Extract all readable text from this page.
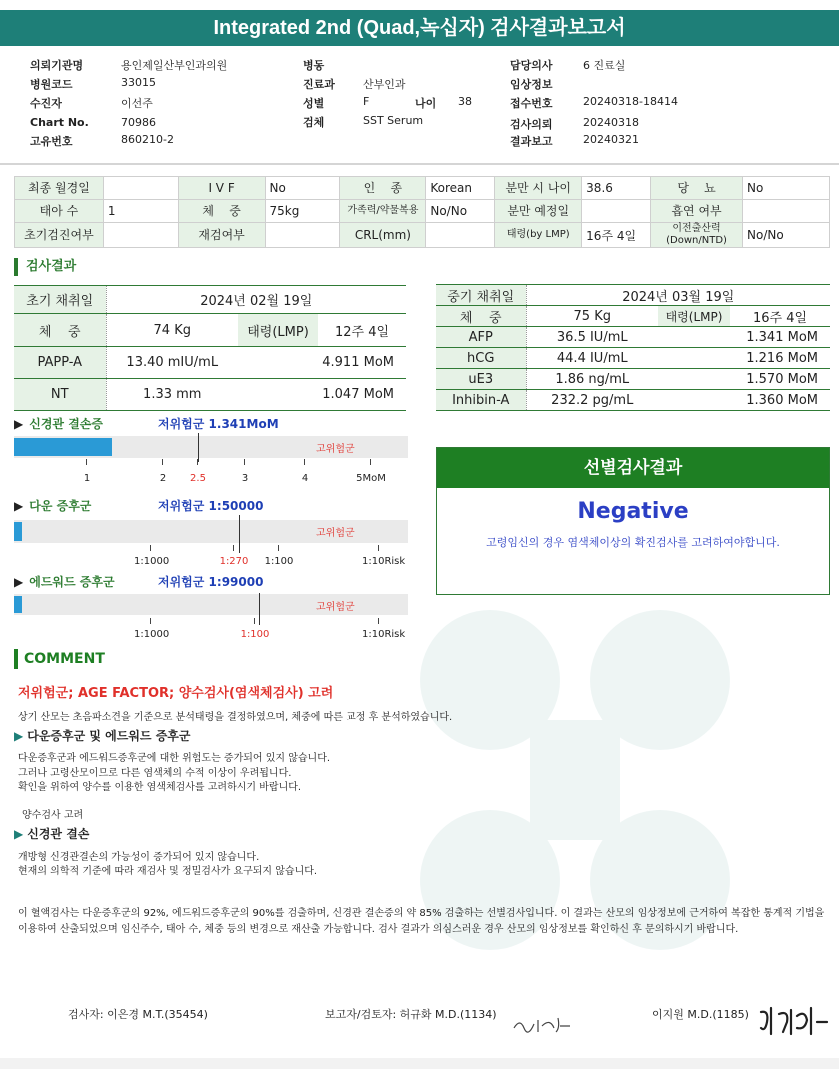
Integrated 2nd (Quad,녹십자) 검사결과보고서
의뢰기관명	용인제일산부인과의원
병원코드	33015
수진자	이선주
Chart No.	70986
고유번호	860210-2
병동
진료과	산부인과
성별	F	나이 38
검체	SST Serum
담당의사	6 진료실
임상정보
접수번호	20240318-18414
검사의뢰	20240318
결과보고	20240321
최종 월경일		I V F	No	인    종	Korean	분만 시 나이	38.6	당    뇨	No
태아 수	1	체    중	75kg	가족력/약물복용	No/No	분만 예정일		흡연 여부	
초기검진여부		재검여부		CRL(mm)		태령(by LMP)	16주 4일	이전출산력 (Down/NTD)	No/No
검사결과
초기 채취일	2024년 02월 19일		
체    중	74 Kg	태령(LMP)	12주 4일
PAPP-A	13.40 mIU/mL	4.911 MoM	
NT	1.33 mm	1.047 MoM	
중기 채취일	2024년 03월 19일		
체    중	75 Kg	태령(LMP)	16주 4일
AFP	36.5 IU/mL	1.341 MoM	
hCG	44.4 IU/mL	1.216 MoM	
uE3	1.86 ng/mL	1.570 MoM	
Inhibin-A	232.2 pg/mL	1.360 MoM	
▶ 신경관 결손증	저위험군 1.341MoM
고위험군
1	2	2.5	3	4	5MoM
▶ 다운 증후군	저위험군 1:50000
고위험군
1:1000	1:270 1:100	1:10Risk
▶ 에드워드 증후군	저위험군 1:99000
고위험군
1:1000	1:100	1:10Risk
선별검사결과
Negative
고령임신의 경우 염색체이상의 확진검사를 고려하여야합니다.
COMMENT
저위험군; AGE FACTOR; 양수검사(염색체검사) 고려
상기 산모는 초음파소견을 기준으로 분석태령을 결정하였으며, 체중에 따른 교정 후 분석하였습니다.
▶ 다운증후군 및 에드워드 증후군
다운증후군과 에드워드증후군에 대한 위험도는 증가되어 있지 않습니다.
그러나 고령산모이므로 다른 염색체의 수적 이상이 우려됩니다.
확인을 위하여 양수를 이용한 염색체검사를 고려하시기 바랍니다.
양수검사 고려
▶ 신경관 결손
개방형 신경관결손의 가능성이 증가되어 있지 않습니다.
현재의 의학적 기준에 따라 재검사 및 정밀검사가 요구되지 않습니다.
이 혈액검사는 다운증후군의 92%, 에드워드증후군의 90%를 검출하며, 신경관 결손증의 약 85% 검출하는 선별검사입니다. 이 결과는 산모의 임상정보에 근거하여 복잡한 통계적 기법을 이용하여 산출되었으며 임신주수, 태아 수, 체중 등의 변경으로 재산출 가능합니다. 검사 결과가 의심스러운 경우 산모의 임상정보를 확인하신 후 문의하시기 바랍니다.
검사자: 이은경 M.T.(35454)	보고자/검토자: 허규화 M.D.(1134)	이지원 M.D.(1185)
